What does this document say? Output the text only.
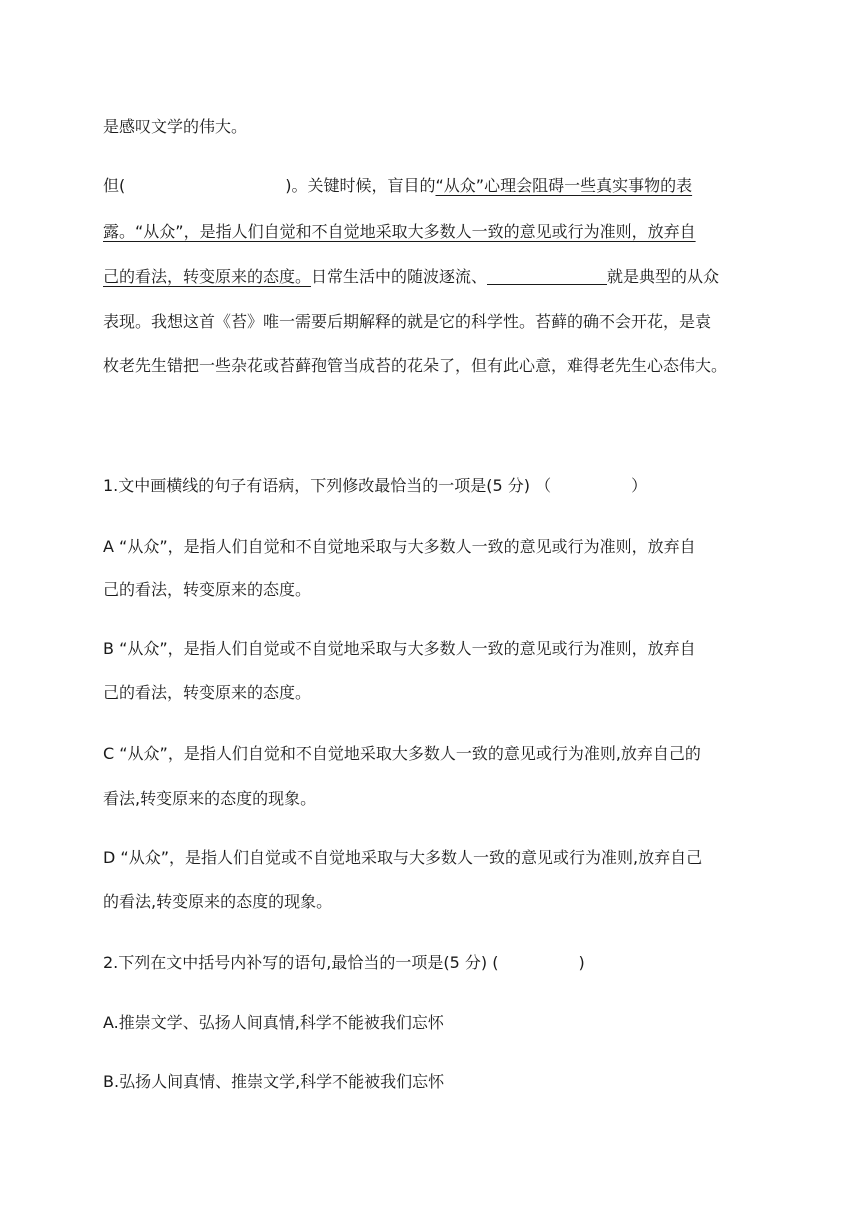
是感叹文学的伟大。
但(	)。关键时候，盲目的“从众”心理会阻碍一些真实事物的表
露。“从众”，是指人们自觉和不自觉地采取大多数人一致的意见或行为准则，放弃自
己的看法，转变原来的态度。日常生活中的随波逐流、	就是典型的从众
表现。我想这首《苔》唯一需要后期解释的就是它的科学性。苔藓的确不会开花，是袁
枚老先生错把一些杂花或苔藓孢管当成苔的花朵了，但有此心意，难得老先生心态伟大。
1.文中画横线的句子有语病，下列修改最恰当的一项是(5 分) （	）
A “从众”，是指人们自觉和不自觉地采取与大多数人一致的意见或行为准则，放弃自
己的看法，转变原来的态度。
B “从众”，是指人们自觉或不自觉地采取与大多数人一致的意见或行为准则，放弃自
己的看法，转变原来的态度。
C “从众”，是指人们自觉和不自觉地采取大多数人一致的意见或行为准则,放弃自己的
看法,转变原来的态度的现象。
D “从众”，是指人们自觉或不自觉地采取与大多数人一致的意见或行为准则,放弃自己
的看法,转变原来的态度的现象。
2.下列在文中括号内补写的语句,最恰当的一项是(5 分) (	)
A.推崇文学、弘扬人间真情,科学不能被我们忘怀
B.弘扬人间真情、推崇文学,科学不能被我们忘怀
